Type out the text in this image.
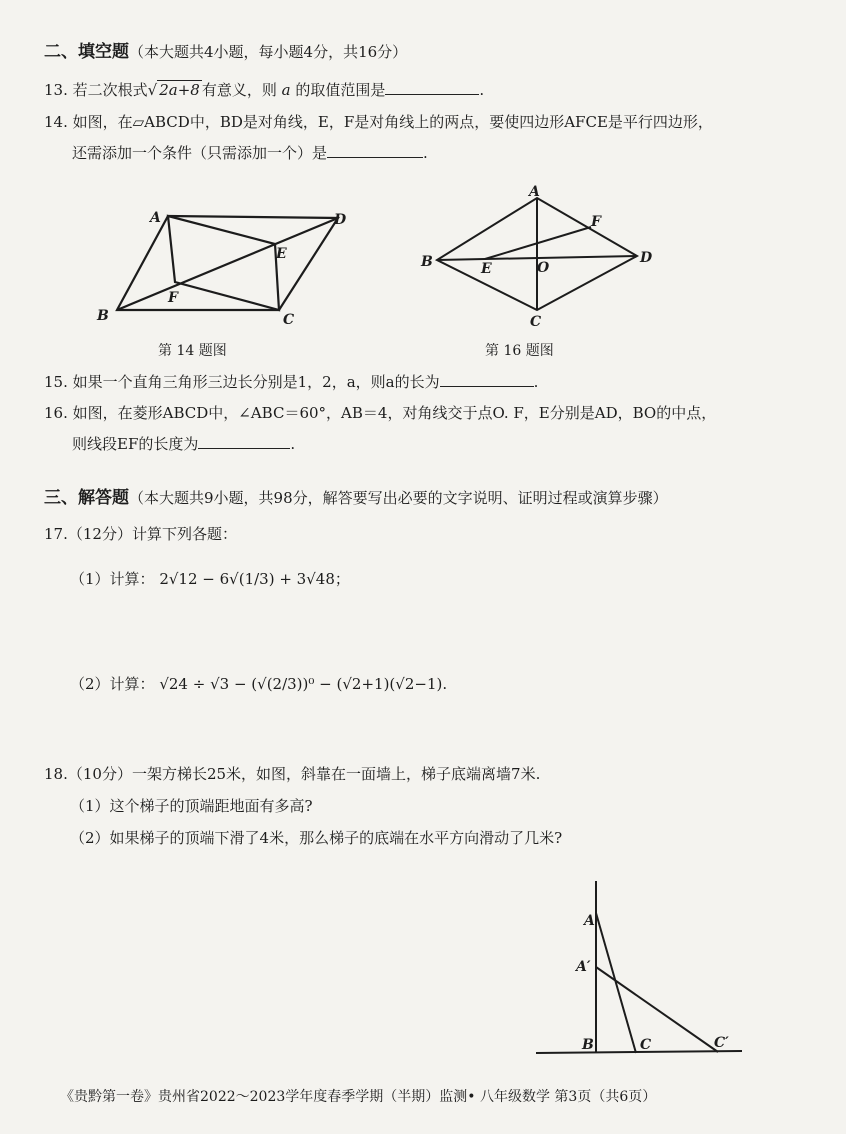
二、填空题（本大题共4小题，每小题4分，共16分）
13. 若二次根式√ 2a+8 有意义，则 a 的取值范围是	.
14. 如图，在▱ABCD中，BD是对角线，E，F是对角线上的两点，要使四边形AFCE是平行四边形，
还需添加一个条件（只需添加一个）是	.
A
B	C
D
E
F
第 14 题图
A
B
C
D
E
F
O
第 16 题图
15. 如果一个直角三角形三边长分别是1，2，a，则a的长为	.
16. 如图，在菱形ABCD中，∠ABC＝60°，AB＝4，对角线交于点O. F，E分别是AD，BO的中点，
则线段EF的长度为	.
三、解答题（本大题共9小题，共98分，解答要写出必要的文字说明、证明过程或演算步骤）
17.（12分）计算下列各题：
（1）计算： 2√12 − 6√(1/3) + 3√48；
（2）计算： √24 ÷ √3 − (√(2/3))⁰ − (√2+1)(√2−1).
18.（10分）一架方梯长25米，如图，斜靠在一面墙上，梯子底端离墙7米.
（1）这个梯子的顶端距地面有多高?
（2）如果梯子的顶端下滑了4米，那么梯子的底端在水平方向滑动了几米?
A
A′
B	C	C′
《贵黔第一卷》贵州省2022～2023学年度春季学期（半期）监测• 八年级数学 第3页（共6页）
